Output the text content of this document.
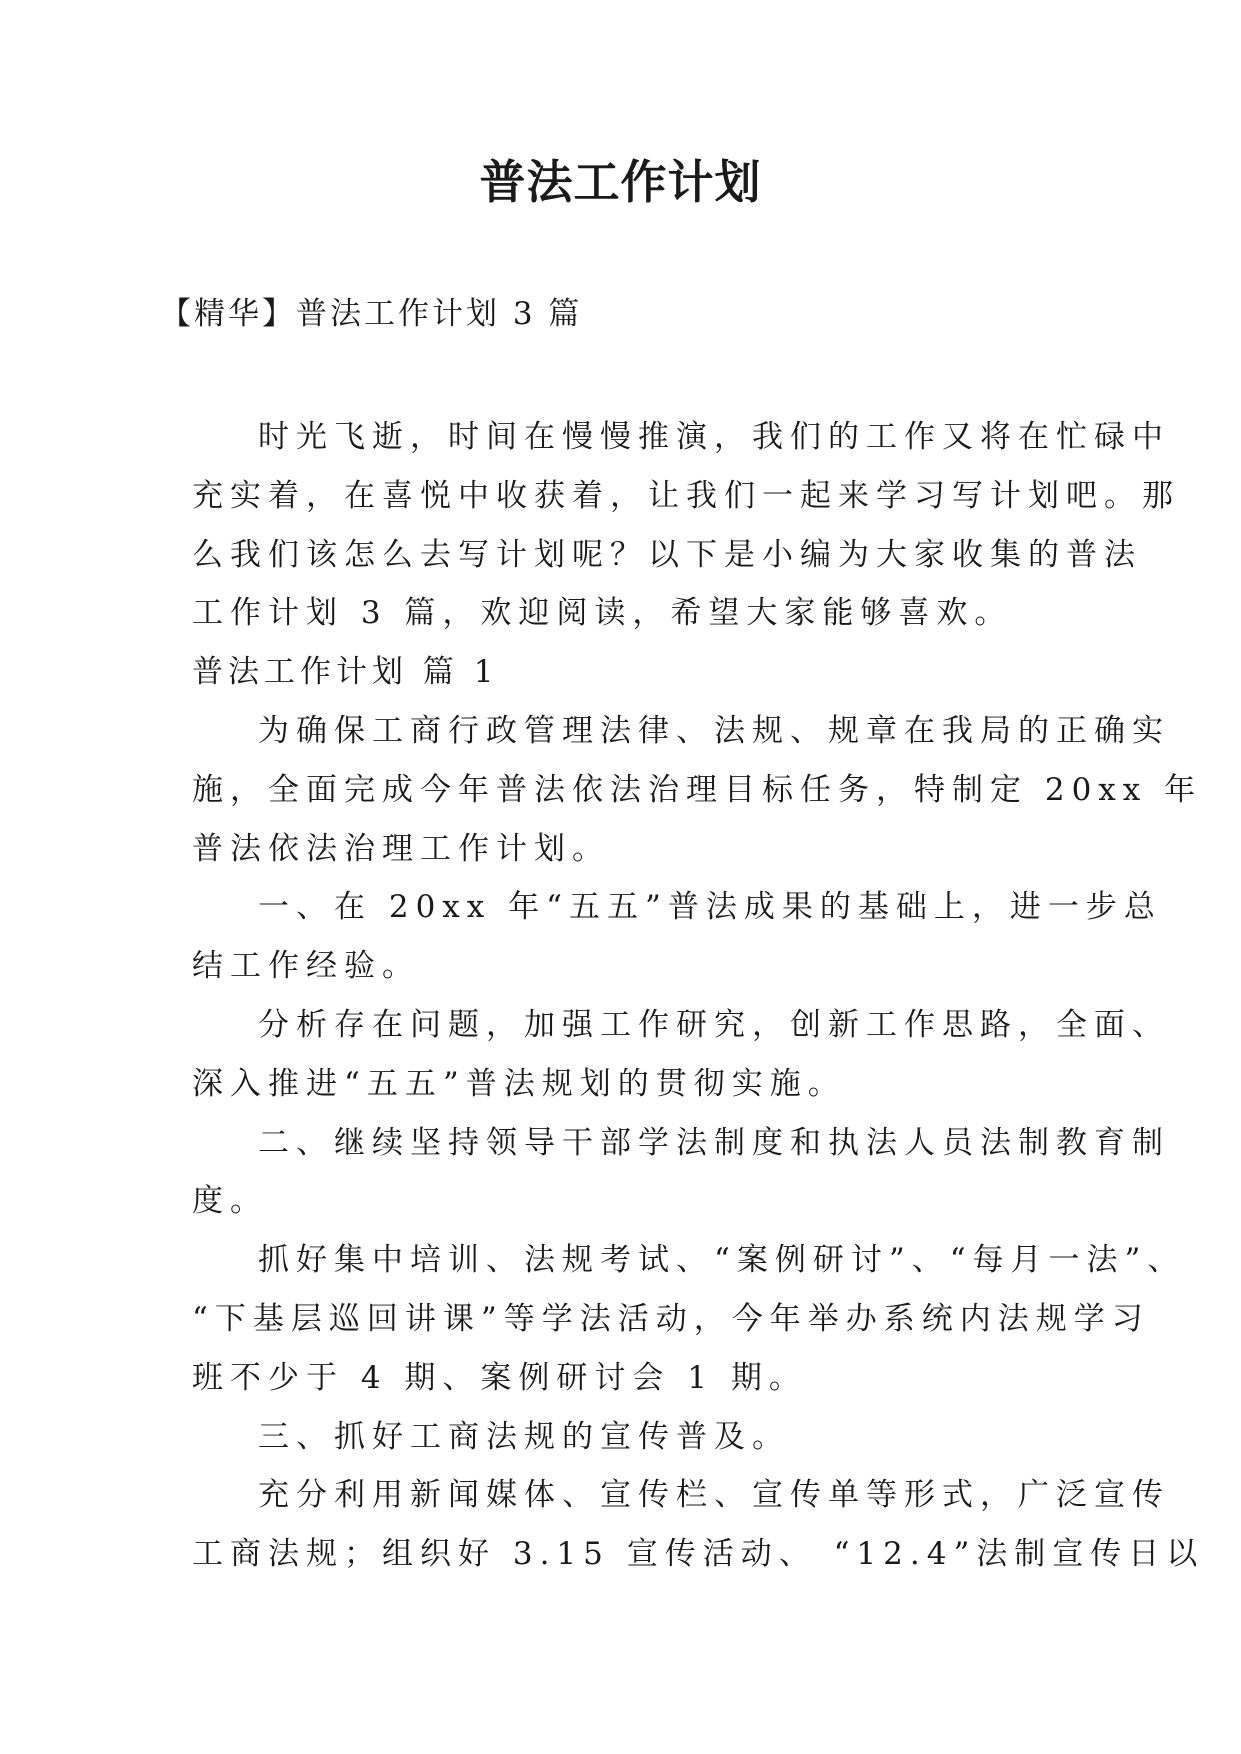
普法工作计划
【精华】普法工作计划 3 篇
时光飞逝，时间在慢慢推演，我们的工作又将在忙碌中
充实着，在喜悦中收获着，让我们一起来学习写计划吧。那
么我们该怎么去写计划呢？以下是小编为大家收集的普法
工作计划 3 篇，欢迎阅读，希望大家能够喜欢。
普法工作计划 篇 1
为确保工商行政管理法律、法规、规章在我局的正确实
施，全面完成今年普法依法治理目标任务，特制定 20xx 年
普法依法治理工作计划。
一、在 20xx 年“五五”普法成果的基础上，进一步总
结工作经验。
分析存在问题，加强工作研究，创新工作思路，全面、
深入推进“五五”普法规划的贯彻实施。
二、继续坚持领导干部学法制度和执法人员法制教育制
度。
抓好集中培训、法规考试、“案例研讨”、“每月一法”、
“下基层巡回讲课”等学法活动，今年举办系统内法规学习
班不少于 4 期、案例研讨会 1 期。
三、抓好工商法规的宣传普及。
充分利用新闻媒体、宣传栏、宣传单等形式，广泛宣传
工商法规；组织好 3.15 宣传活动、 “12.4”法制宣传日以
